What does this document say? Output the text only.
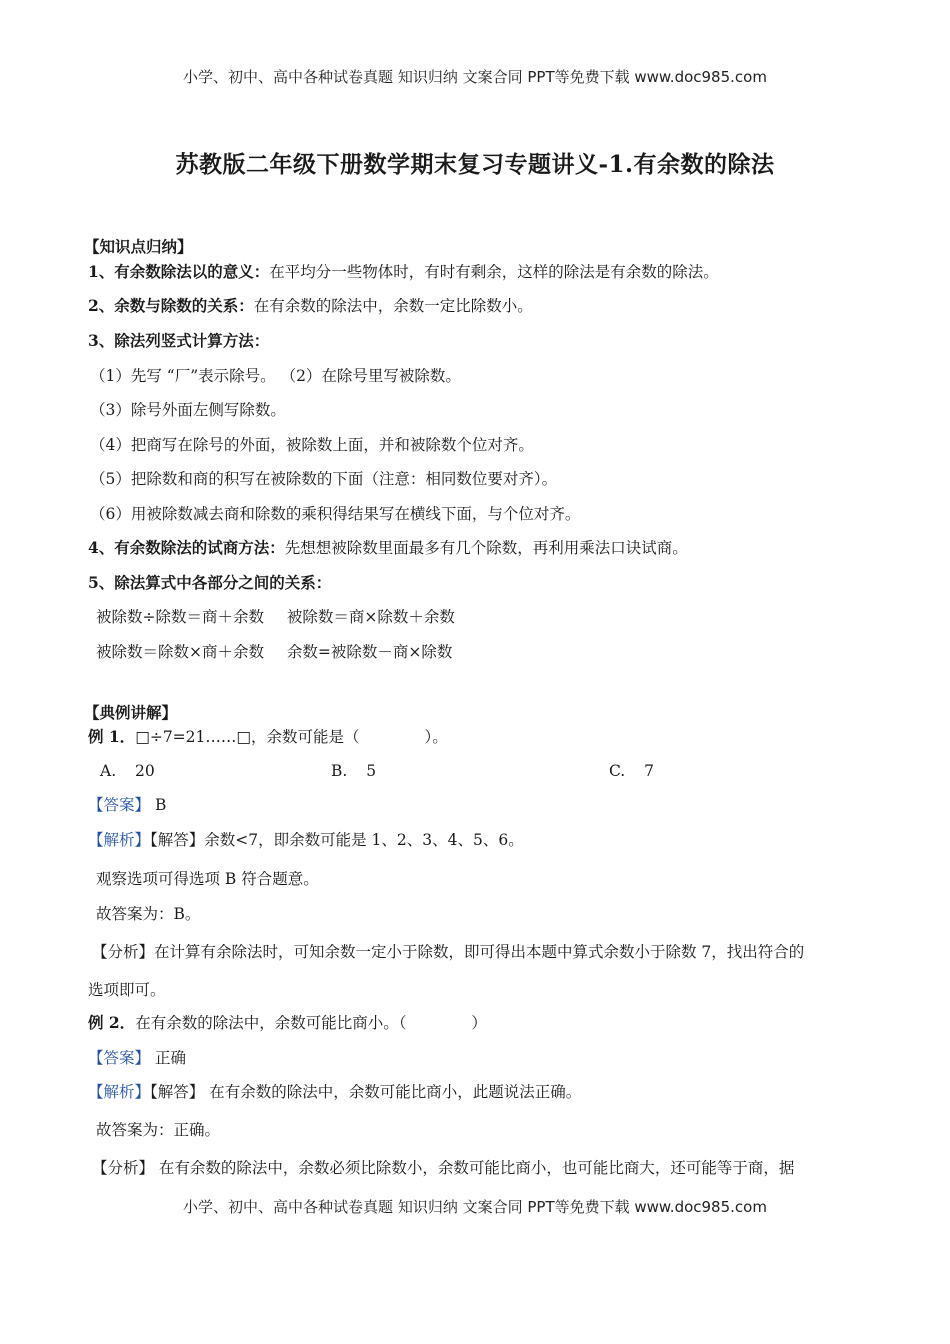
小学、初中、高中各种试卷真题 知识归纳 文案合同 PPT等免费下载 www.doc985.com
苏教版二年级下册数学期末复习专题讲义-1.有余数的除法
【知识点归纳】
1、有余数除法以的意义：在平均分一些物体时，有时有剩余，这样的除法是有余数的除法。
2、余数与除数的关系：在有余数的除法中，余数一定比除数小。
3、除法列竖式计算方法：
（1）先写 “厂”表示除号。 （2）在除号里写被除数。
（3）除号外面左侧写除数。
（4）把商写在除号的外面，被除数上面，并和被除数个位对齐。
（5）把除数和商的积写在被除数的下面（注意：相同数位要对齐）。
（6）用被除数减去商和除数的乘积得结果写在横线下面，与个位对齐。
4、有余数除法的试商方法：先想想被除数里面最多有几个除数，再利用乘法口诀试商。
5、除法算式中各部分之间的关系：
被除数÷除数＝商＋余数 被除数＝商×除数＋余数
被除数＝除数×商＋余数 余数=被除数－商×除数
【典例讲解】
例 1．□÷7=21……□，余数可能是（ ）。
A. 20	B. 5	C. 7
【答案】 B
【解析】【解答】余数<7，即余数可能是 1、2、3、4、5、6。
观察选项可得选项 B 符合题意。
故答案为：B。
【分析】在计算有余除法时，可知余数一定小于除数，即可得出本题中算式余数小于除数 7，找出符合的
选项即可。
例 2．在有余数的除法中，余数可能比商小。（ ）
【答案】 正确
【解析】【解答】 在有余数的除法中，余数可能比商小，此题说法正确。
故答案为：正确。
【分析】 在有余数的除法中，余数必须比除数小，余数可能比商小，也可能比商大，还可能等于商，据
小学、初中、高中各种试卷真题 知识归纳 文案合同 PPT等免费下载 www.doc985.com
